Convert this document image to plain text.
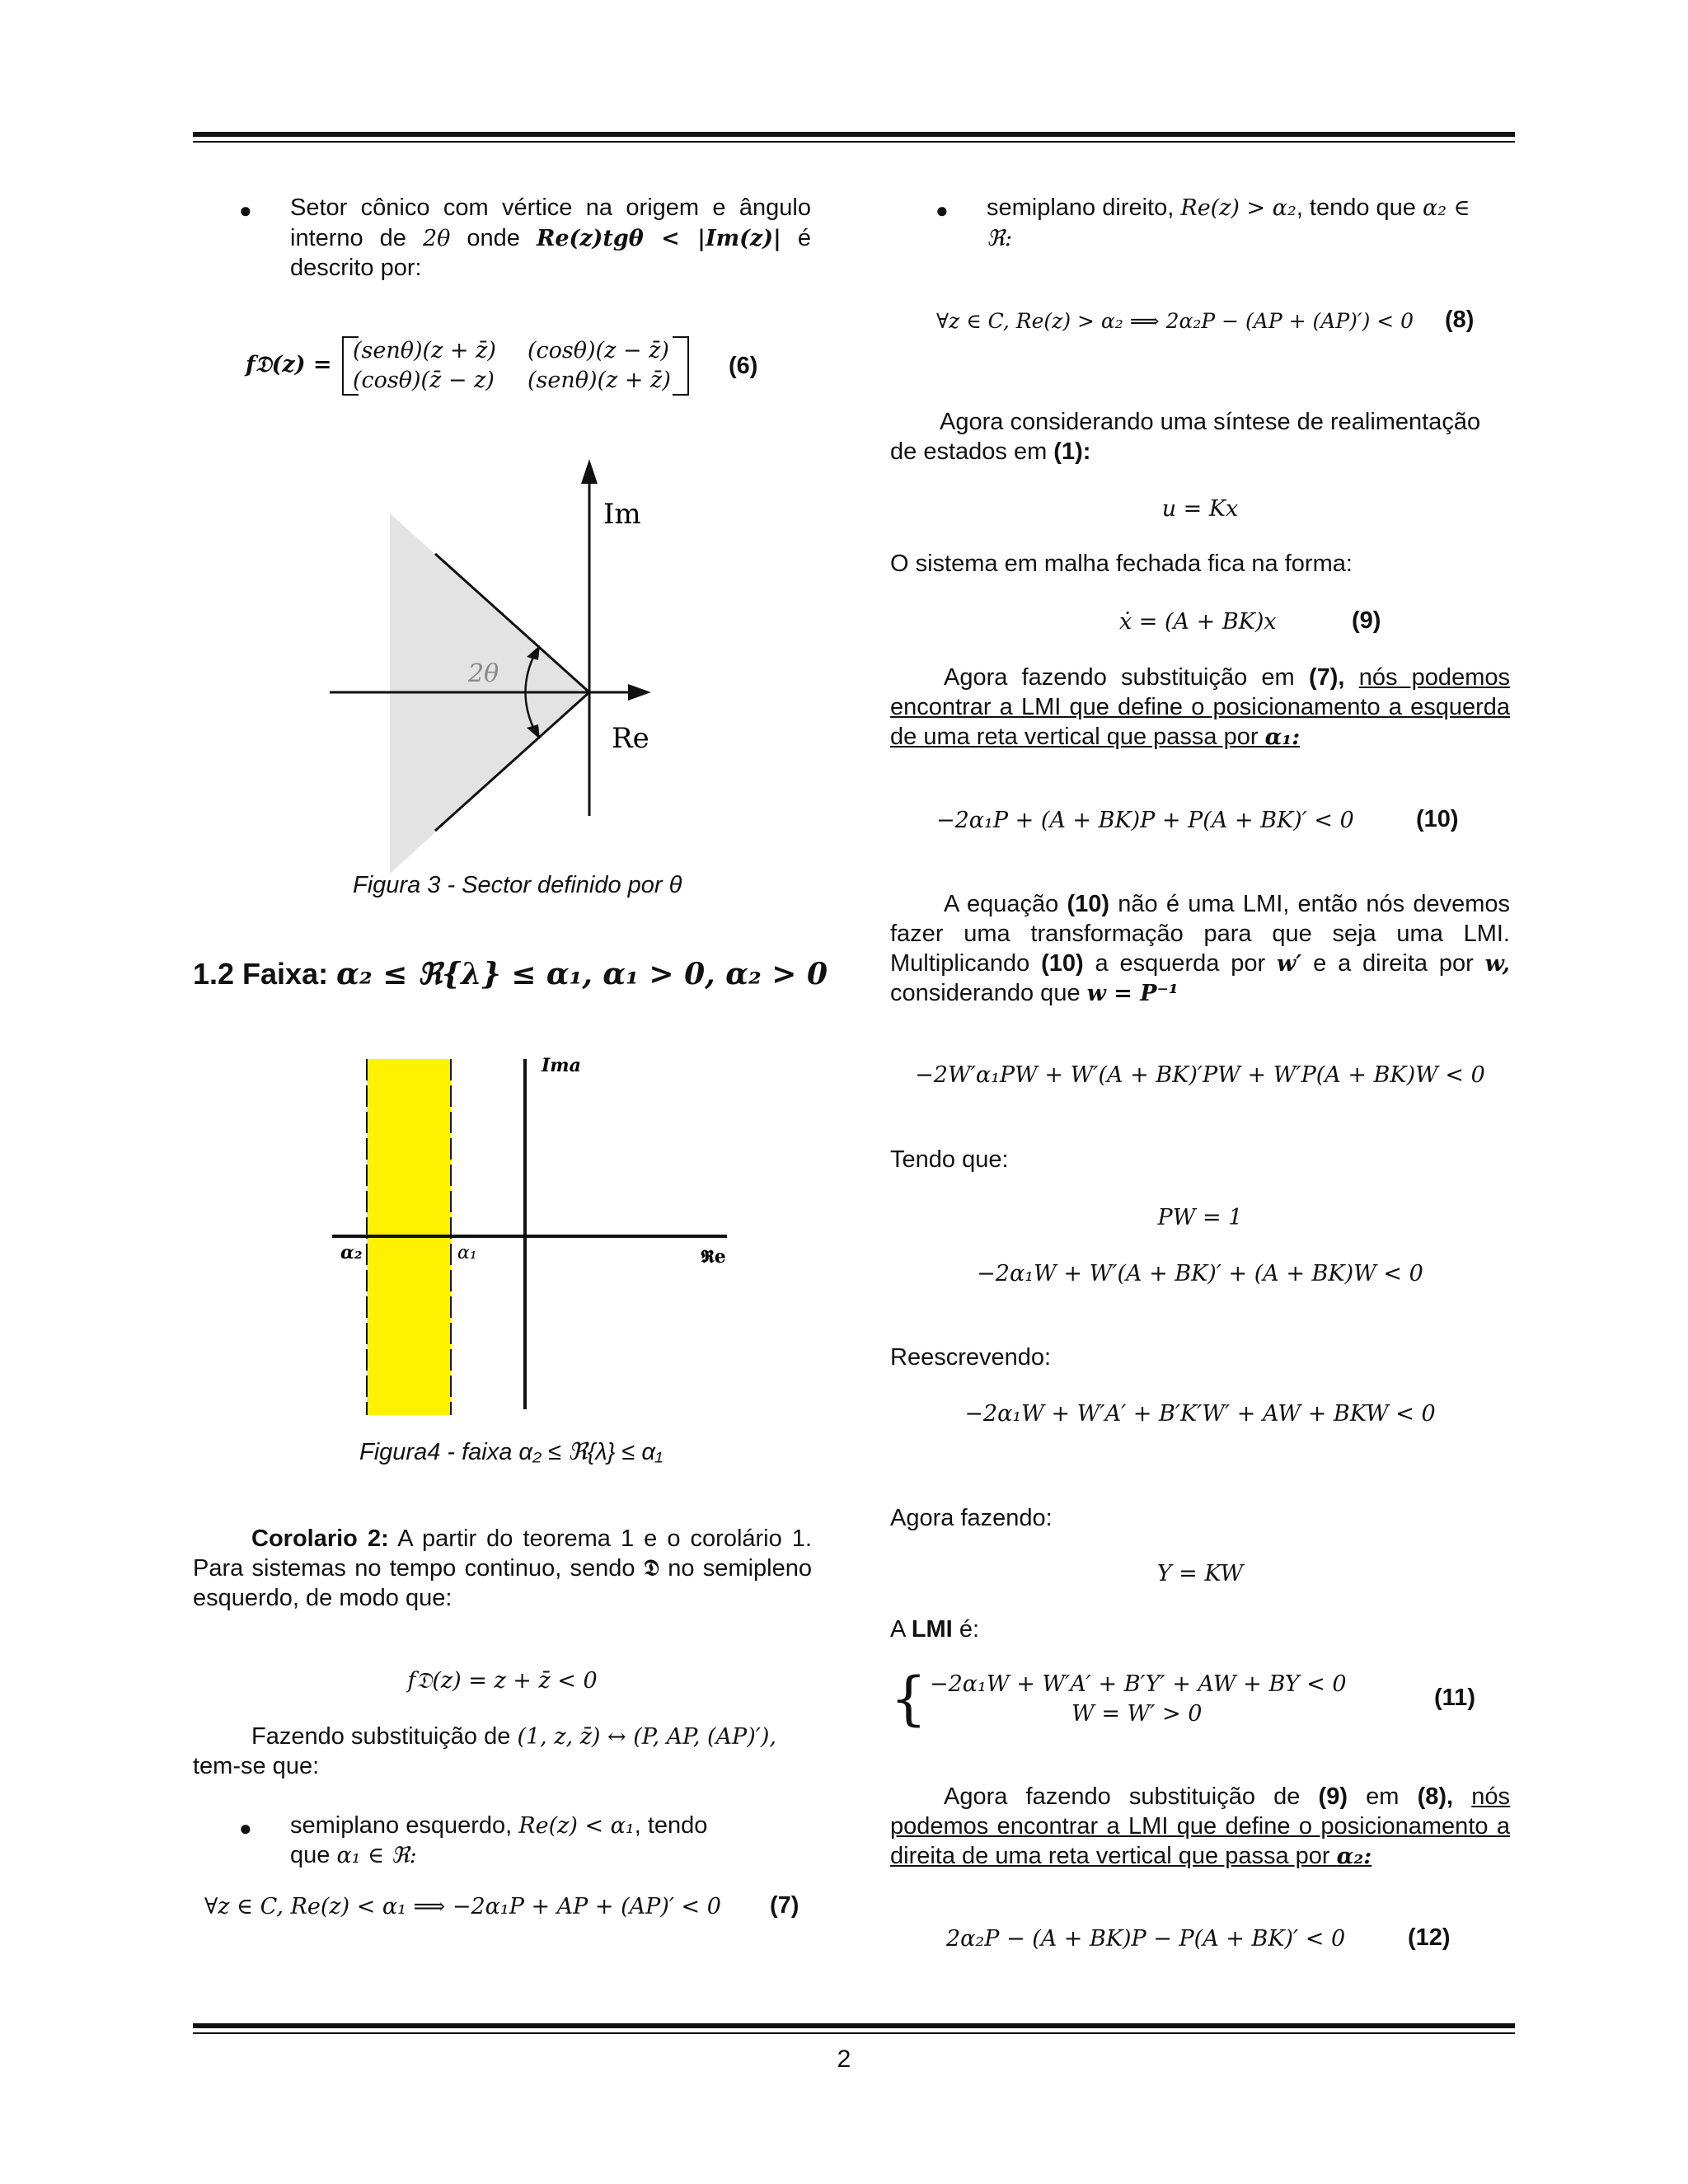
● Setor cônico com vértice na origem e ângulo
interno de 2θ onde Re(z)tgθ < |Im(z)| é
descrito por:
f𝔇(z) =
(senθ)(z + z̄) (cosθ)(z − z̄)
(cosθ)(z̄ − z) (senθ)(z + z̄)
(6)
Im
Re
2θ
Figura 3 - Sector definido por θ
1.2 Faixa: α₂ ≤ ℜ{λ} ≤ α₁, α₁ > 0, α₂ > 0
Ima
𝕽e
α₂	α₁
Figura4 - faixa α₂ ≤ ℜ{λ} ≤ α₁
Corolario 2: A partir do teorema 1 e o corolário 1.
Para sistemas no tempo continuo, sendo 𝕯 no semipleno
esquerdo, de modo que:
f𝔇(z) = z + z̄ < 0
Fazendo substituição de (1, z, z̄) ↔ (P, AP, (AP)′),
tem-se que:
● semiplano esquerdo, Re(z) < α₁, tendo
que α₁ ∈ ℜ:
∀z ∈ C, Re(z) < α₁ ⟹ −2α₁P + AP + (AP)′ < 0 (7)
● semiplano direito, Re(z) > α₂, tendo que α₂ ∈
ℜ:
∀z ∈ C, Re(z) > α₂ ⟹ 2α₂P − (AP + (AP)′) < 0 (8)
Agora considerando uma síntese de realimentação
de estados em (1):
u = Kx
O sistema em malha fechada fica na forma:
ẋ = (A + BK)x	(9)
Agora fazendo substituição em (7), nós podemos
encontrar a LMI que define o posicionamento a esquerda
de uma reta vertical que passa por α₁:
−2α₁P + (A + BK)P + P(A + BK)′ < 0	(10)
A equação (10) não é uma LMI, então nós devemos
fazer uma transformação para que seja uma LMI.
Multiplicando (10) a esquerda por w′ e a direita por w,
considerando que w = P⁻¹
−2W′α₁PW + W′(A + BK)′PW + W′P(A + BK)W < 0
Tendo que:
PW = 1
−2α₁W + W′(A + BK)′ + (A + BK)W < 0
Reescrevendo:
−2α₁W + W′A′ + B′K′W′ + AW + BKW < 0
Agora fazendo:
Y = KW
A LMI é:
{ −2α₁W + W′A′ + B′Y′ + AW + BY < 0
W = W′ > 0
(11)
Agora fazendo substituição de (9) em (8), nós
podemos encontrar a LMI que define o posicionamento a
direita de uma reta vertical que passa por α₂:
2α₂P − (A + BK)P − P(A + BK)′ < 0	(12)
2
